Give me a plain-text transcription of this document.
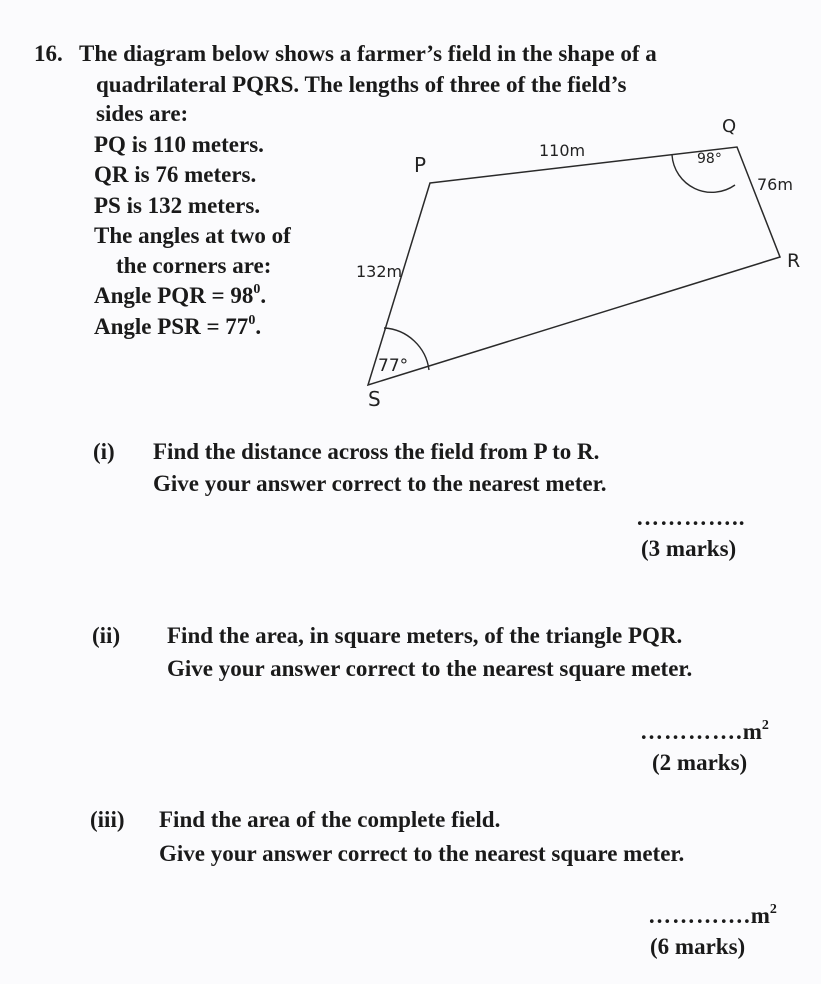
16. The diagram below shows a farmer’s field in the shape of a
quadrilateral PQRS. The lengths of three of the field’s
sides are:
PQ is 110 meters.
QR is 76 meters.
PS is 132 meters.
The angles at two of
the corners are:
Angle PQR = $98^0$.
Angle PSR = $77^0$.
P
Q
R
S
110m
76m
132m
98°
77°
(i) Find the distance across the field from P to R.
Give your answer correct to the nearest meter.
…………..
(3 marks)
(ii) Find the area, in square meters, of the triangle PQR.
Give your answer correct to the nearest square meter.
$\dots\dots\dots\dots.m^2$
(2 marks)
(iii) Find the area of the complete field.
Give your answer correct to the nearest square meter.
$\dots\dots\dots\dots.m^2$
(6 marks)
